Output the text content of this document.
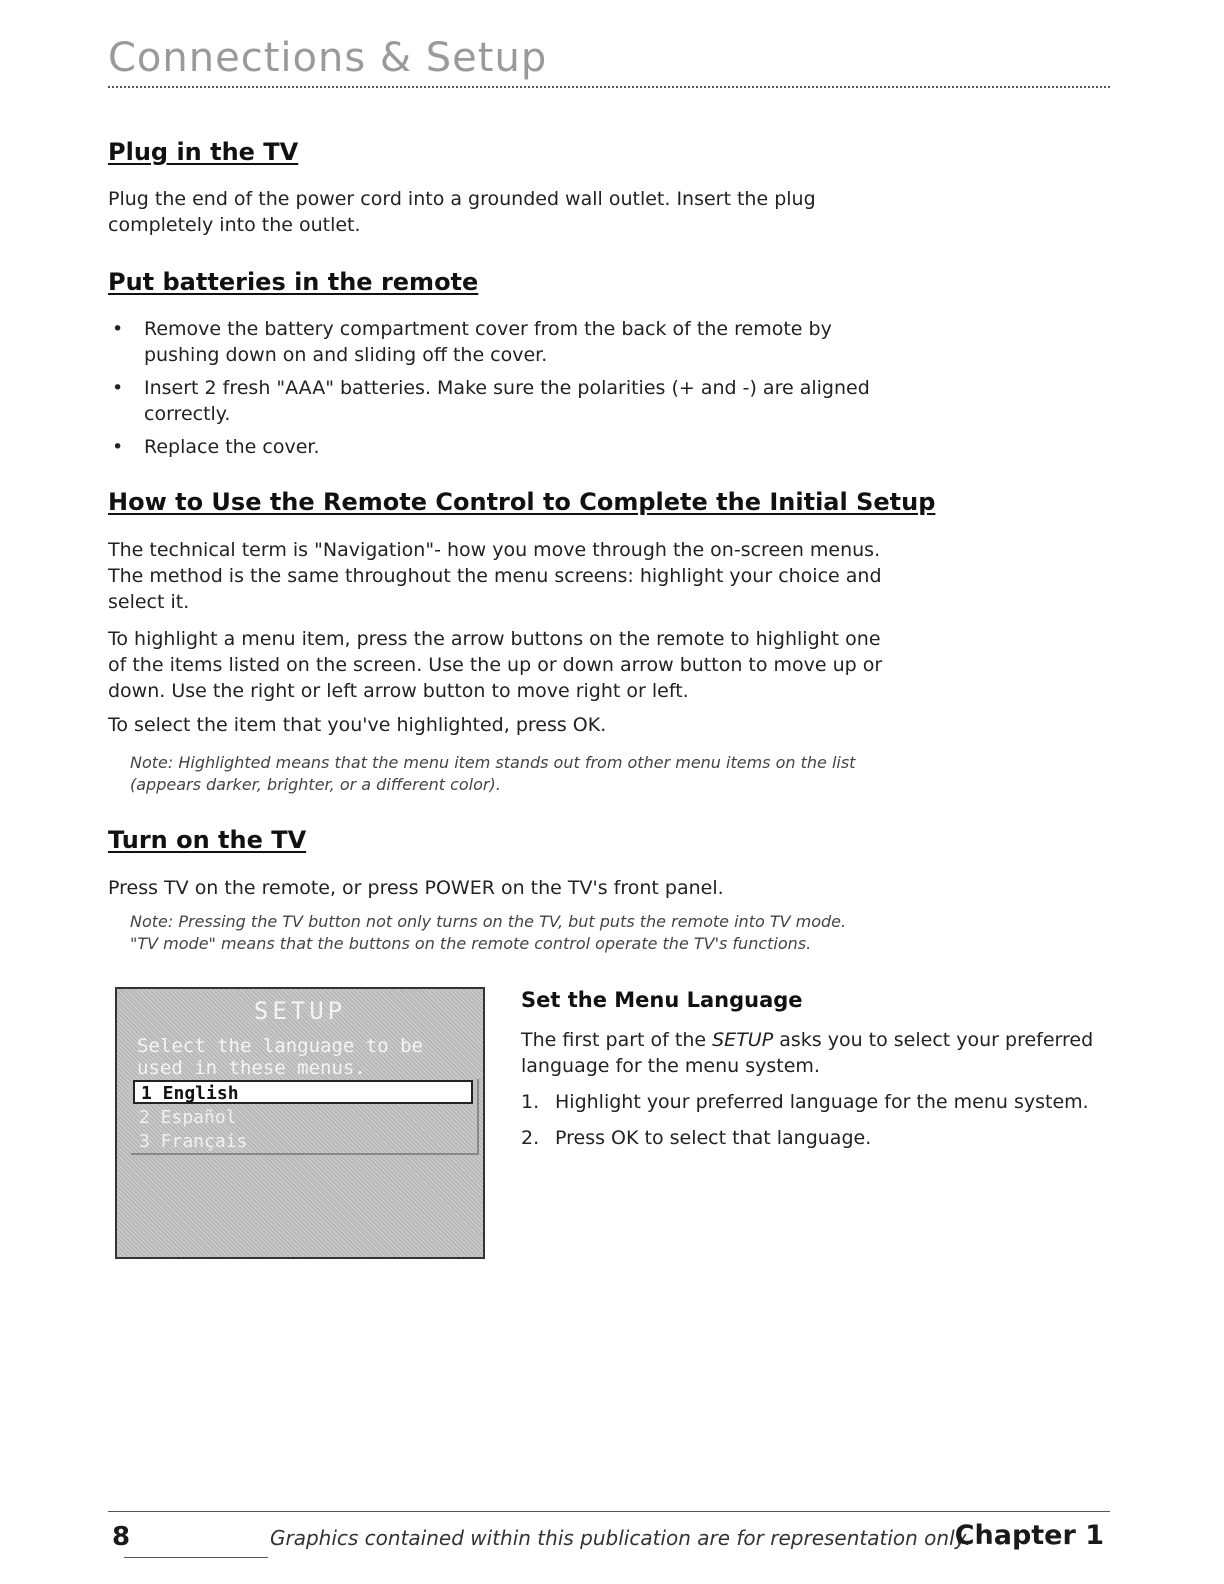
Connections & Setup
Plug in the TV

Plug the end of the power cord into a grounded wall outlet. Insert the plug completely into the outlet.

Put batteries in the remote
• Remove the battery compartment cover from the back of the remote by pushing down on and sliding off the cover.
• Insert 2 fresh "AAA" batteries. Make sure the polarities (+ and -) are aligned correctly.
• Replace the cover.
How to Use the Remote Control to Complete the Initial Setup

The technical term is "Navigation"- how you move through the on-screen menus. The method is the same throughout the menu screens: highlight your choice and select it.

To highlight a menu item, press the arrow buttons on the remote to highlight one of the items listed on the screen. Use the up or down arrow button to move up or down. Use the right or left arrow button to move right or left.

To select the item that you've highlighted, press OK.

Note: Highlighted means that the menu item stands out from other menu items on the list (appears darker, brighter, or a different color).

Turn on the TV

Press TV on the remote, or press POWER on the TV's front panel.

Note: Pressing the TV button not only turns on the TV, but puts the remote into TV mode. "TV mode" means that the buttons on the remote control operate the TV's functions.

SETUP
Select the language to be used in these menus.
1 English
2 Español
3 Français
Set the Menu Language

The first part of the SETUP asks you to select your preferred language for the menu system.

1. Highlight your preferred language for the menu system.
2. Press OK to select that language.
8	Graphics contained within this publication are for representation only.
Chapter 1
